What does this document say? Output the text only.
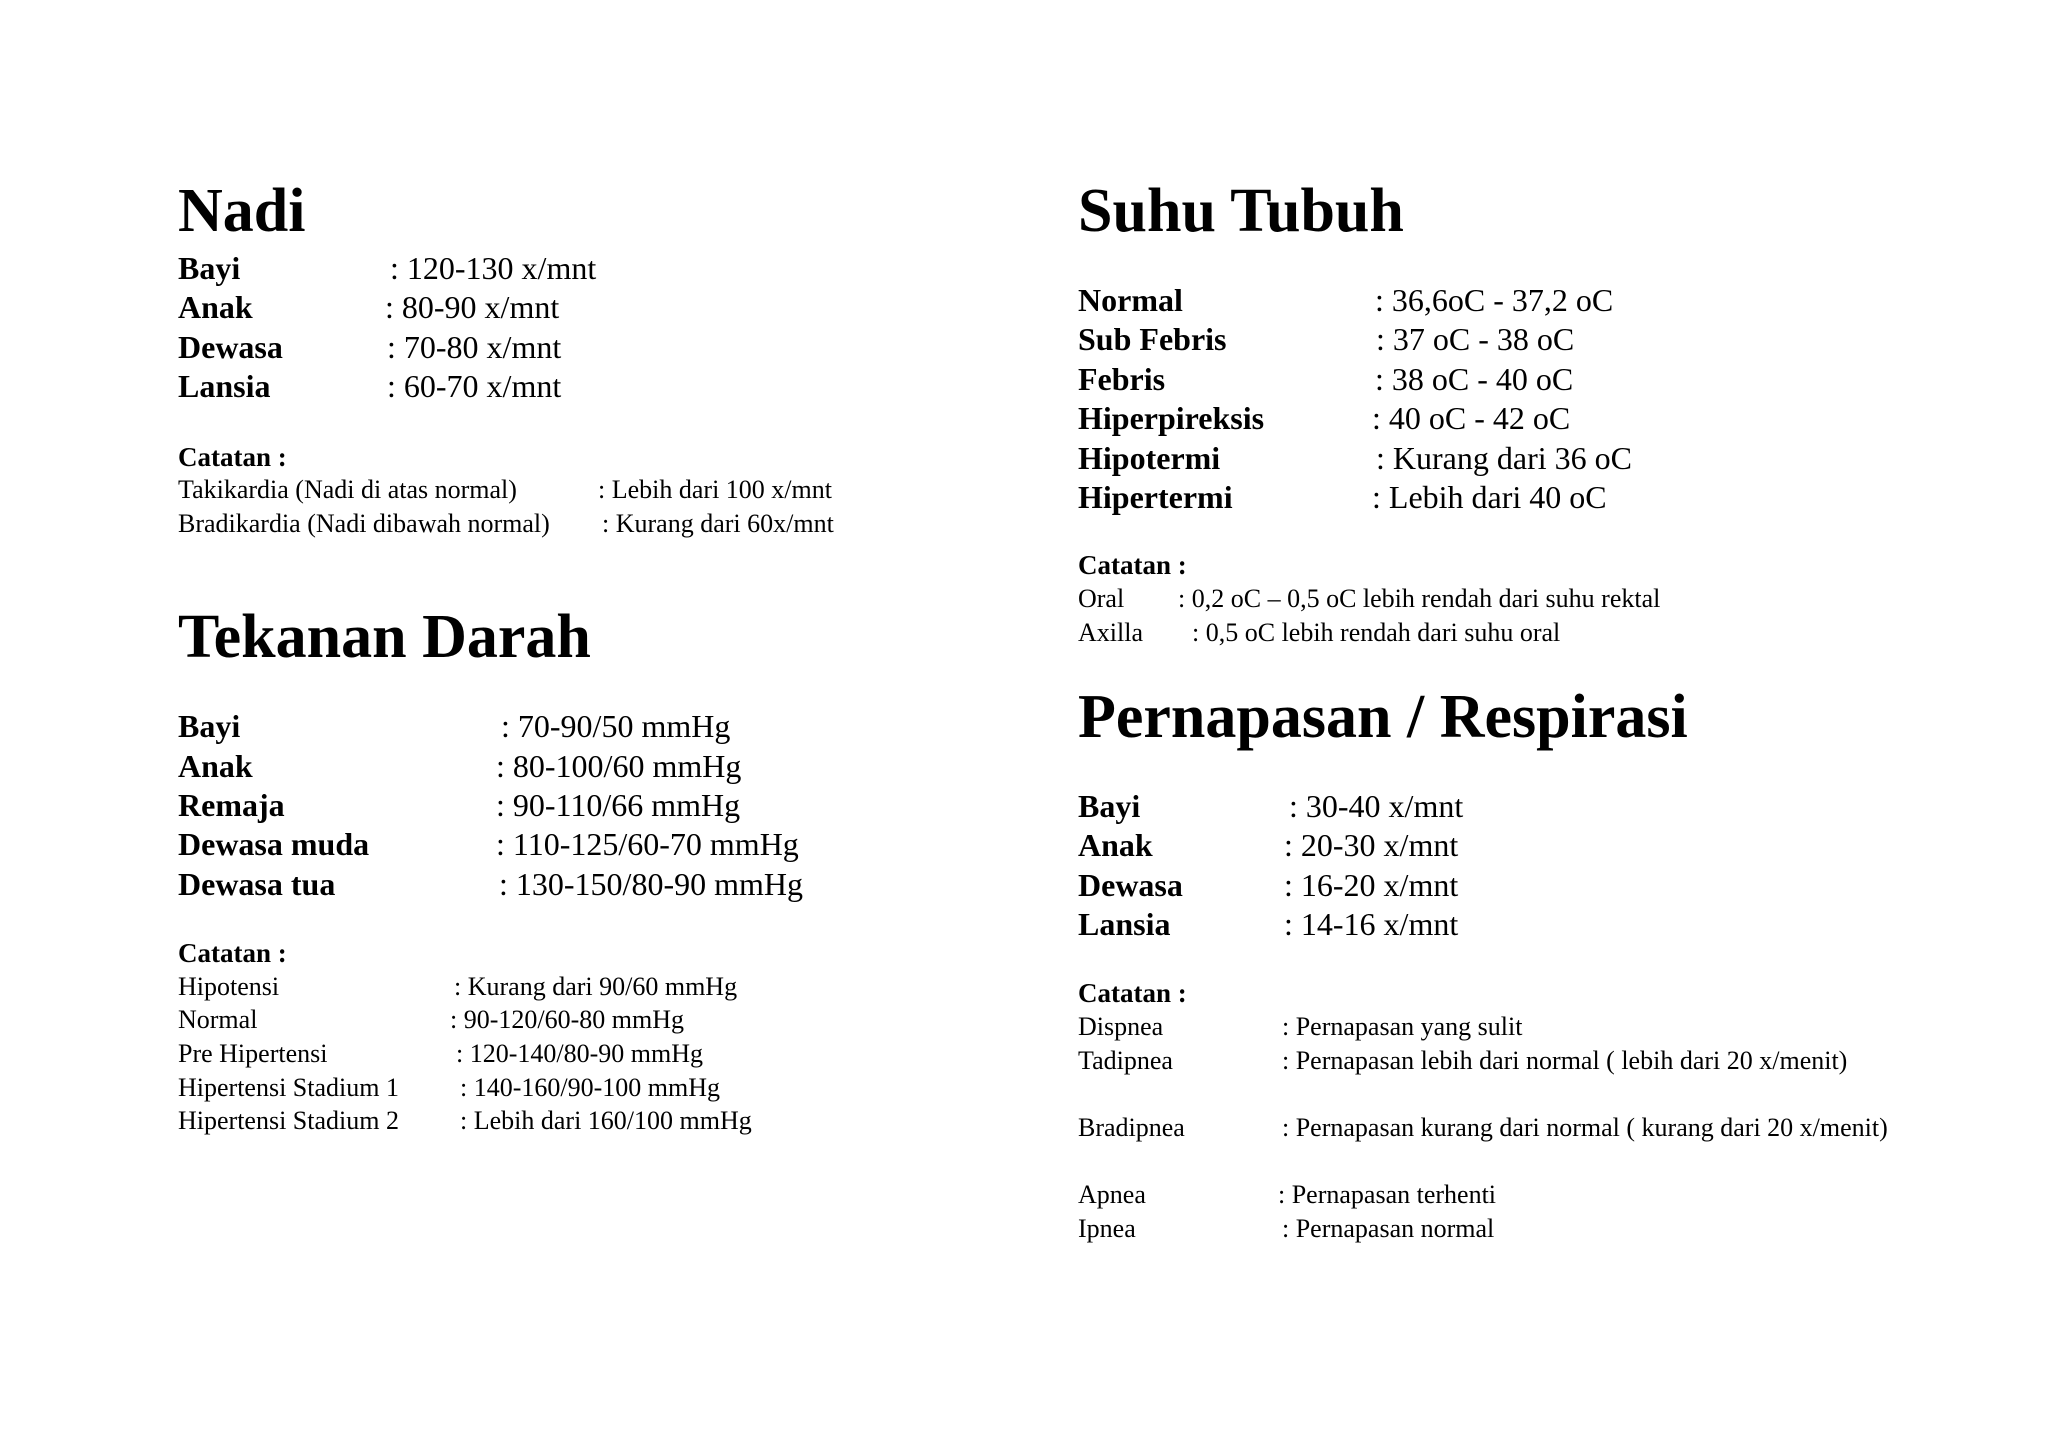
Nadi
Bayi	: 120-130 x/mnt
Anak	: 80-90 x/mnt
Dewasa	: 70-80 x/mnt
Lansia	: 60-70 x/mnt
Catatan :
Takikardia (Nadi di atas normal)	: Lebih dari 100 x/mnt
Bradikardia (Nadi dibawah normal) : Kurang dari 60x/mnt
Tekanan Darah
Bayi	: 70-90/50 mmHg
Anak	: 80-100/60 mmHg
Remaja	: 90-110/66 mmHg
Dewasa muda	: 110-125/60-70 mmHg
Dewasa tua	: 130-150/80-90 mmHg
Catatan :
Hipotensi	: Kurang dari 90/60 mmHg
Normal	: 90-120/60-80 mmHg
Pre Hipertensi	: 120-140/80-90 mmHg
Hipertensi Stadium 1 : 140-160/90-100 mmHg
Hipertensi Stadium 2 : Lebih dari 160/100 mmHg
Suhu Tubuh
Normal	: 36,6oC - 37,2 oC
Sub Febris	: 37 oC - 38 oC
Febris	: 38 oC - 40 oC
Hiperpireksis	: 40 oC - 42 oC
Hipotermi	: Kurang dari 36 oC
Hipertermi	: Lebih dari 40 oC
Catatan :
Oral : 0,2 oC – 0,5 oC lebih rendah dari suhu rektal
Axilla : 0,5 oC lebih rendah dari suhu oral
Pernapasan / Respirasi
Bayi	: 30-40 x/mnt
Anak	: 20-30 x/mnt
Dewasa	: 16-20 x/mnt
Lansia	: 14-16 x/mnt
Catatan :
Dispnea	: Pernapasan yang sulit
Tadipnea	: Pernapasan lebih dari normal ( lebih dari 20 x/menit)
Bradipnea	: Pernapasan kurang dari normal ( kurang dari 20 x/menit)
Apnea	: Pernapasan terhenti
Ipnea	: Pernapasan normal
